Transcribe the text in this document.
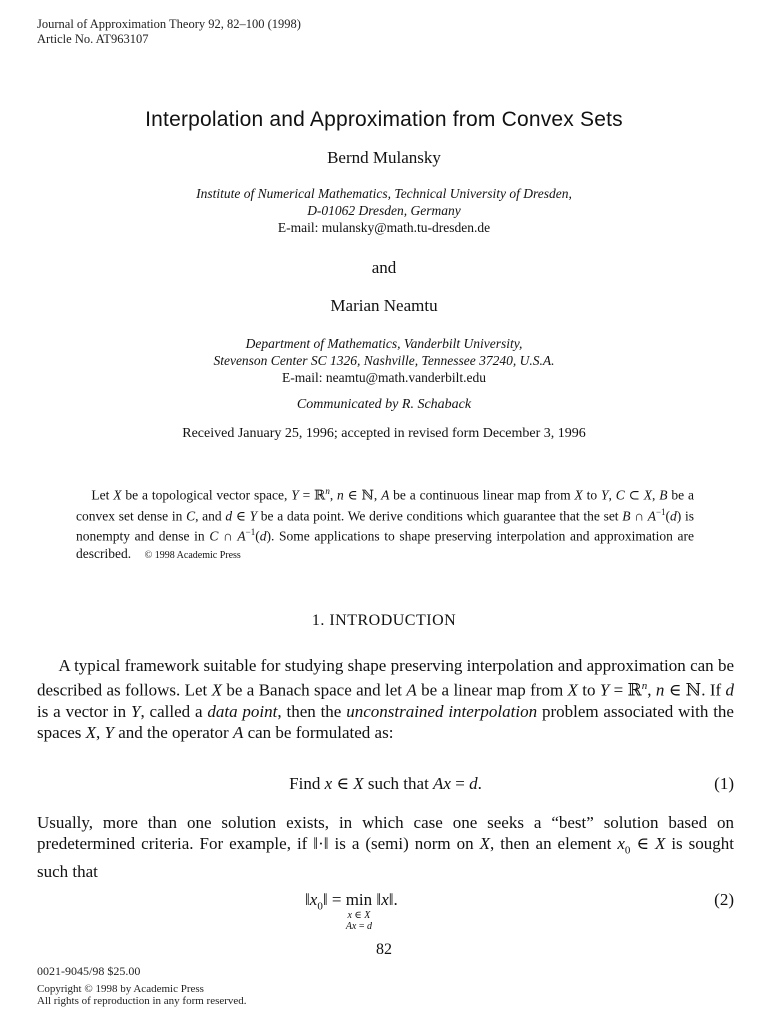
Journal of Approximation Theory 92, 82–100 (1998)
Article No. AT963107
Interpolation and Approximation from Convex Sets
Bernd Mulansky
Institute of Numerical Mathematics, Technical University of Dresden,
D-01062 Dresden, Germany
E-mail: mulansky@math.tu-dresden.de
and
Marian Neamtu
Department of Mathematics, Vanderbilt University,
Stevenson Center SC 1326, Nashville, Tennessee 37240, U.S.A.
E-mail: neamtu@math.vanderbilt.edu
Communicated by R. Schaback
Received January 25, 1996; accepted in revised form December 3, 1996
Let X be a topological vector space, Y = ℝ$^n$, n ∈ ℕ, A be a continuous linear map from X to Y, C ⊂ X, B be a convex set dense in C, and d ∈ Y be a data point. We derive conditions which guarantee that the set B ∩ $A^{-1}(d)$ is nonempty and dense in C ∩ $A^{-1}(d)$. Some applications to shape preserving interpolation and approximation are described.    © 1998 Academic Press
1. INTRODUCTION
A typical framework suitable for studying shape preserving interpolation and approximation can be described as follows. Let X be a Banach space and let A be a linear map from X to Y = ℝ$^n$, n ∈ ℕ. If d is a vector in Y, called a data point, then the unconstrained interpolation problem associated with the spaces X, Y and the operator A can be formulated as:
Find x ∈ X such that Ax = d.	(1)
Usually, more than one solution exists, in which case one seeks a “best” solution based on predetermined criteria. For example, if ‖·‖ is a (semi) norm on X, then an element $x_0$ ∈ X is sought such that
$‖x_0‖ = \min$

x ∈ X
Ax = d
‖x‖.	(2)
82
0021-9045/98 $25.00
Copyright © 1998 by Academic Press
All rights of reproduction in any form reserved.
